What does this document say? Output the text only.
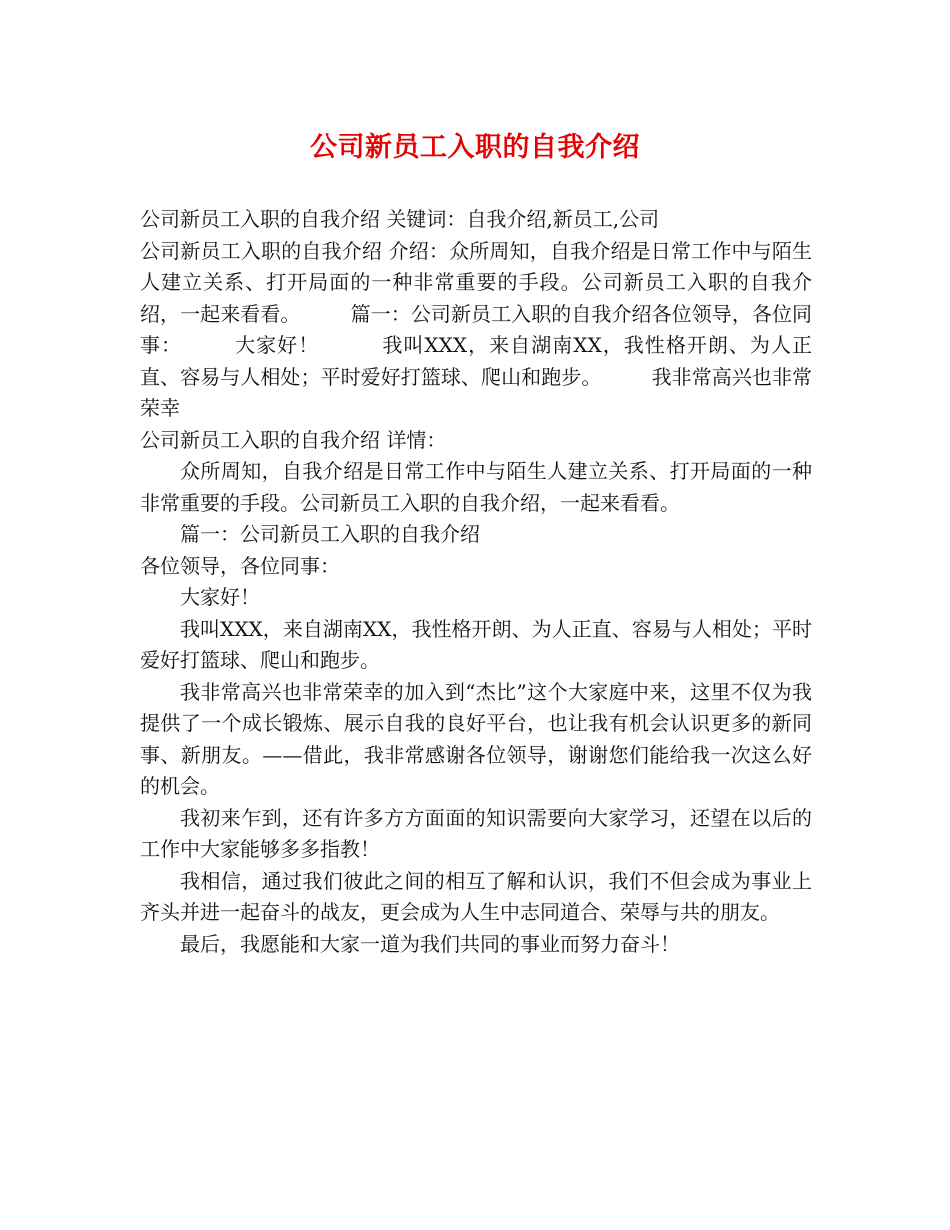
公司新员工入职的自我介绍

公司新员工入职的自我介绍 关键词：自我介绍,新员工,公司

公司新员工入职的自我介绍 介绍：众所周知，自我介绍是日常工作中与陌生人建立关系、打开局面的一种非常重要的手段。公司新员工入职的自我介绍，一起来看看。　　　篇一：公司新员工入职的自我介绍各位领导，各位同事：　　　大家好！　　　我叫XXX，来自湖南XX，我性格开朗、为人正直、容易与人相处；平时爱好打篮球、爬山和跑步。　　　我非常高兴也非常荣幸

公司新员工入职的自我介绍 详情：

众所周知，自我介绍是日常工作中与陌生人建立关系、打开局面的一种非常重要的手段。公司新员工入职的自我介绍，一起来看看。

篇一：公司新员工入职的自我介绍

各位领导，各位同事：

大家好！

我叫XXX，来自湖南XX，我性格开朗、为人正直、容易与人相处；平时爱好打篮球、爬山和跑步。

我非常高兴也非常荣幸的加入到“杰比”这个大家庭中来，这里不仅为我提供了一个成长锻炼、展示自我的良好平台，也让我有机会认识更多的新同事、新朋友。——借此，我非常感谢各位领导，谢谢您们能给我一次这么好的机会。

我初来乍到，还有许多方方面面的知识需要向大家学习，还望在以后的工作中大家能够多多指教！

我相信，通过我们彼此之间的相互了解和认识，我们不但会成为事业上齐头并进一起奋斗的战友，更会成为人生中志同道合、荣辱与共的朋友。

最后，我愿能和大家一道为我们共同的事业而努力奋斗！
